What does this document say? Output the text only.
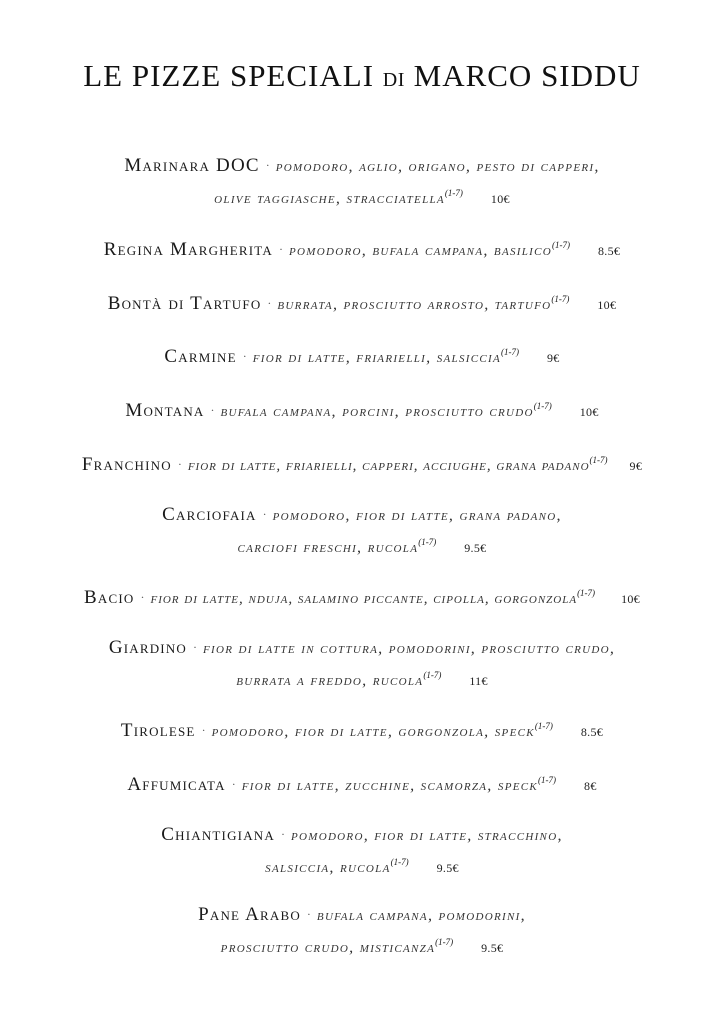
LE PIZZE SPECIALI DI MARCO SIDDU
Marinara DOC · pomodoro, aglio, origano, pesto di capperi,
olive taggiasche, stracciatella$^{(1-7)}$ 10€
Regina Margherita · pomodoro, bufala campana, basilico$^{(1-7)}$ 8.5€
Bontà di Tartufo · burrata, prosciutto arrosto, tartufo$^{(1-7)}$ 10€
Carmine · fior di latte, friarielli, salsiccia$^{(1-7)}$ 9€
Montana · bufala campana, porcini, prosciutto crudo$^{(1-7)}$ 10€
Franchino · fior di latte, friarielli, capperi, acciughe, grana padano$^{(1-7)}$ 9€
Carciofaia · pomodoro, fior di latte, grana padano,
carciofi freschi, rucola$^{(1-7)}$ 9.5€
Bacio · fior di latte, nduja, salamino piccante, cipolla, gorgonzola$^{(1-7)}$ 10€
Giardino · fior di latte in cottura, pomodorini, prosciutto crudo,
burrata a freddo, rucola$^{(1-7)}$ 11€
Tirolese · pomodoro, fior di latte, gorgonzola, speck$^{(1-7)}$ 8.5€
Affumicata · fior di latte, zucchine, scamorza, speck$^{(1-7)}$ 8€
Chiantigiana · pomodoro, fior di latte, stracchino,
salsiccia, rucola$^{(1-7)}$ 9.5€
Pane Arabo · bufala campana, pomodorini,
prosciutto crudo, misticanza$^{(1-7)}$ 9.5€
